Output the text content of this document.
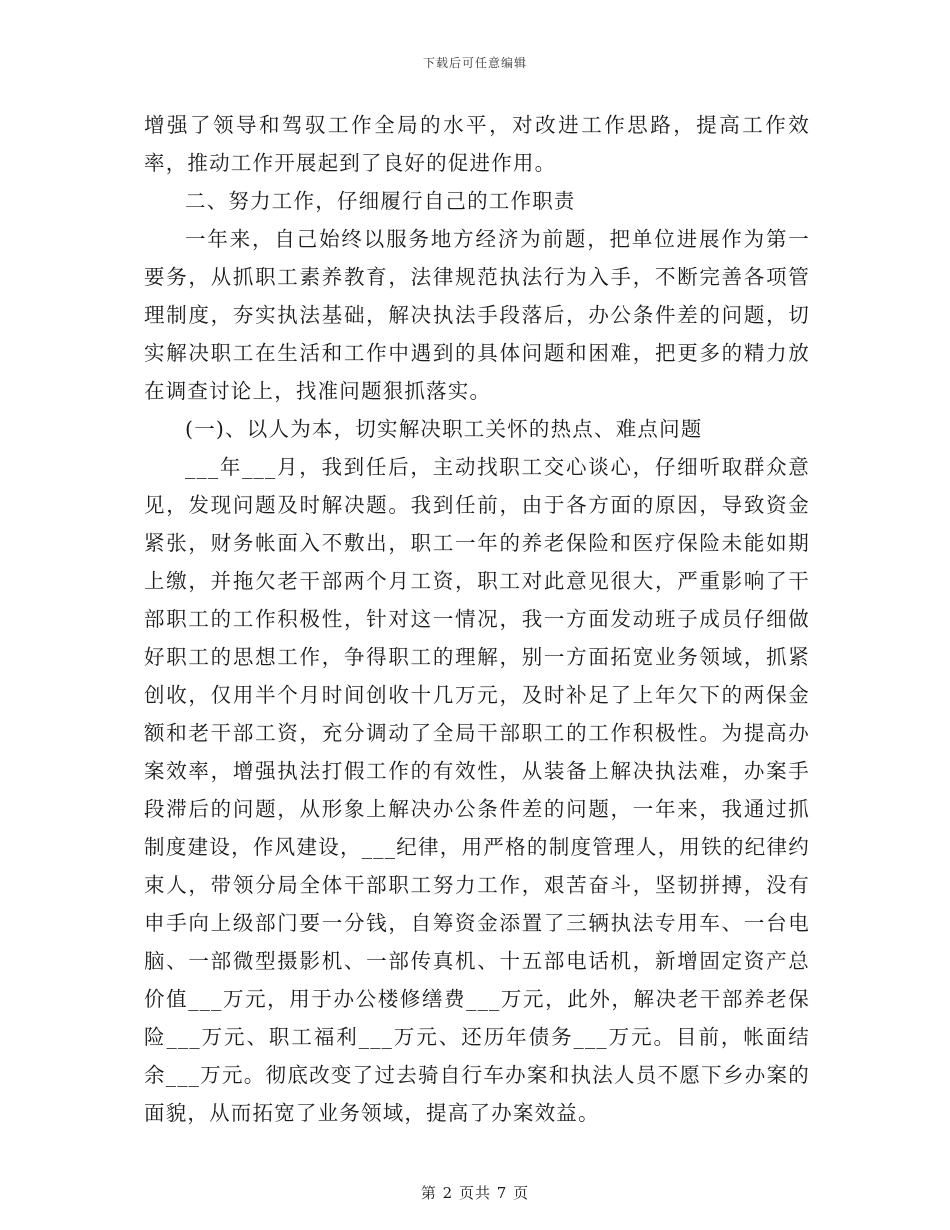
下载后可任意编辑

增强了领导和驾驭工作全局的水平，对改进工作思路，提高工作效率，推动工作开展起到了良好的促进作用。

二、努力工作，仔细履行自己的工作职责

一年来，自己始终以服务地方经济为前题，把单位进展作为第一要务，从抓职工素养教育，法律规范执法行为入手，不断完善各项管理制度，夯实执法基础，解决执法手段落后，办公条件差的问题，切实解决职工在生活和工作中遇到的具体问题和困难，把更多的精力放在调查讨论上，找准问题狠抓落实。

(一)、以人为本，切实解决职工关怀的热点、难点问题

___年___月，我到任后，主动找职工交心谈心，仔细听取群众意见，发现问题及时解决题。我到任前，由于各方面的原因，导致资金紧张，财务帐面入不敷出，职工一年的养老保险和医疗保险未能如期上缴，并拖欠老干部两个月工资，职工对此意见很大，严重影响了干部职工的工作积极性，针对这一情况，我一方面发动班子成员仔细做好职工的思想工作，争得职工的理解，别一方面拓宽业务领域，抓紧创收，仅用半个月时间创收十几万元，及时补足了上年欠下的两保金额和老干部工资，充分调动了全局干部职工的工作积极性。为提高办案效率，增强执法打假工作的有效性，从装备上解决执法难，办案手段滞后的问题，从形象上解决办公条件差的问题，一年来，我通过抓制度建设，作风建设，___纪律，用严格的制度管理人，用铁的纪律约束人，带领分局全体干部职工努力工作，艰苦奋斗，坚韧拼搏，没有申手向上级部门要一分钱，自筹资金添置了三辆执法专用车、一台电脑、一部微型摄影机、一部传真机、十五部电话机，新增固定资产总价值___万元，用于办公楼修缮费___万元，此外，解决老干部养老保险___万元、职工福利___万元、还历年债务___万元。目前，帐面结余___万元。彻底改变了过去骑自行车办案和执法人员不愿下乡办案的面貌，从而拓宽了业务领域，提高了办案效益。

第 2 页共 7 页
